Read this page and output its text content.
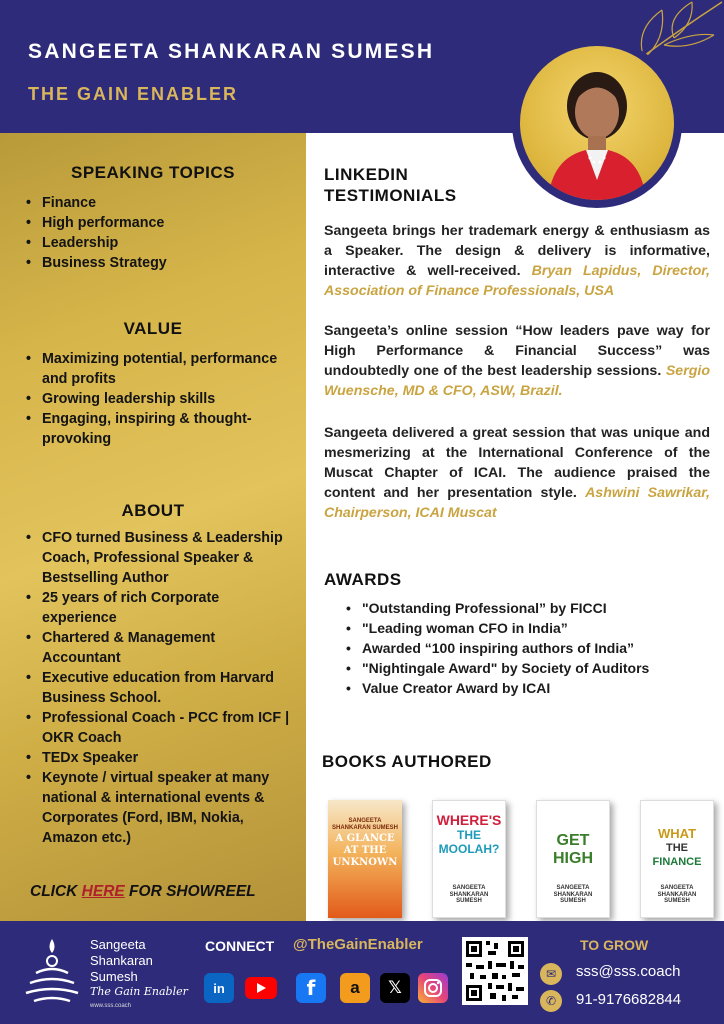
SANGEETA SHANKARAN SUMESH
THE GAIN ENABLER
SPEAKING TOPICS
• Finance
• High performance
• Leadership
• Business Strategy
VALUE
• Maximizing potential, performance and profits
• Growing leadership skills
• Engaging, inspiring & thought-provoking
ABOUT
• CFO turned Business & Leadership Coach, Professional Speaker & Bestselling Author
• 25 years of rich Corporate experience
• Chartered & Management Accountant
• Executive education from Harvard Business School.
• Professional Coach - PCC from ICF | OKR Coach
• TEDx Speaker
• Keynote / virtual speaker at many national & international events & Corporates (Ford, IBM, Nokia, Amazon etc.)
CLICK HERE FOR SHOWREEL
LINKEDIN
TESTIMONIALS
Sangeeta brings her trademark energy & enthusiasm as a Speaker. The design & delivery is informative, interactive & well-received. Bryan Lapidus, Director, Association of Finance Professionals, USA
Sangeeta’s online session “How leaders pave way for High Performance & Financial Success” was undoubtedly one of the best leadership sessions. Sergio Wuensche, MD & CFO, ASW, Brazil.
Sangeeta delivered a great session that was unique and mesmerizing at the International Conference of the Muscat Chapter of ICAI. The audience praised the content and her presentation style. Ashwini Sawrikar, Chairperson, ICAI Muscat
AWARDS
• "Outstanding Professional” by FICCI
• "Leading woman CFO in India”
• Awarded “100 inspiring authors of India”
• "Nightingale Award" by Society of Auditors
• Value Creator Award by ICAI
BOOKS AUTHORED
A GLANCE
AT THE
UNKNOWN
SANGEETA SHANKARAN SUMESH	WHERE'S
THE
MOOLAH?
SANGEETA SHANKARAN SUMESH
GET
HIGH
SANGEETA SHANKARAN SUMESH
WHAT
THE
FINANCE
SANGEETA SHANKARAN SUMESH
Sangeeta
Shankaran
Sumesh
The Gain Enabler
www.sss.coach
CONNECT @TheGainEnabler
in	f	a	𝕏
TO GROW
✉	sss@sss.coach
✆	91-9176682844
